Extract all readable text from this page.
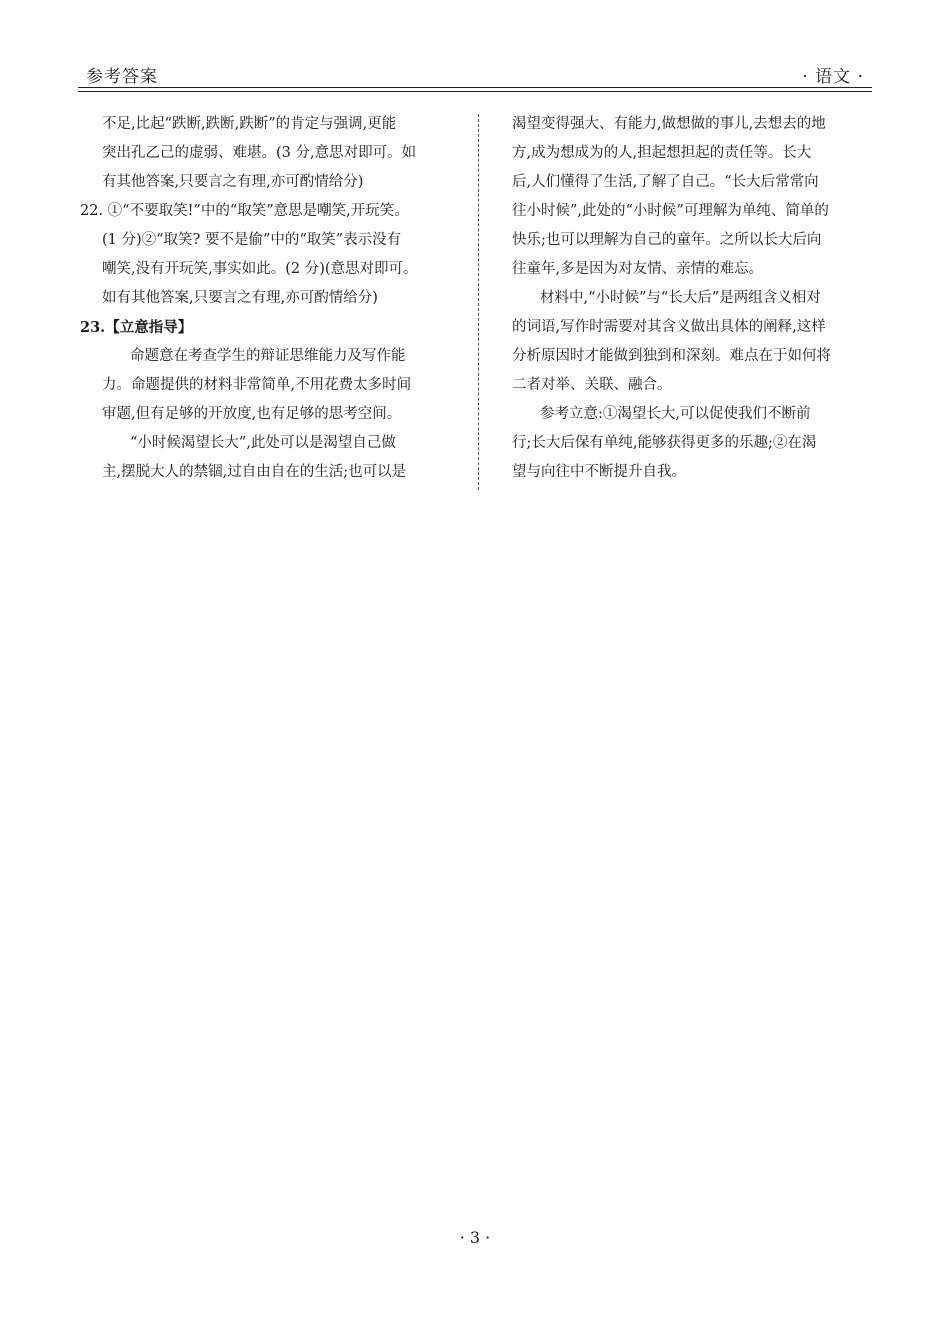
参考答案	· 语文 ·
不足,比起“跌断,跌断,跌断”的肯定与强调,更能
突出孔乙己的虚弱、难堪。(3 分,意思对即可。如
有其他答案,只要言之有理,亦可酌情给分)
22. ①“不要取笑!”中的“取笑”意思是嘲笑,开玩笑。
(1 分)②“取笑? 要不是偷”中的“取笑”表示没有
嘲笑,没有开玩笑,事实如此。(2 分)(意思对即可。
如有其他答案,只要言之有理,亦可酌情给分)
23.【立意指导】
命题意在考查学生的辩证思维能力及写作能
力。命题提供的材料非常简单,不用花费太多时间
审题,但有足够的开放度,也有足够的思考空间。
“小时候渴望长大”,此处可以是渴望自己做
主,摆脱大人的禁锢,过自由自在的生活;也可以是
渴望变得强大、有能力,做想做的事儿,去想去的地
方,成为想成为的人,担起想担起的责任等。长大
后,人们懂得了生活,了解了自己。“长大后常常向
往小时候”,此处的“小时候”可理解为单纯、简单的
快乐;也可以理解为自己的童年。之所以长大后向
往童年,多是因为对友情、亲情的难忘。
材料中,“小时候”与“长大后”是两组含义相对
的词语,写作时需要对其含义做出具体的阐释,这样
分析原因时才能做到独到和深刻。难点在于如何将
二者对举、关联、融合。
参考立意:①渴望长大,可以促使我们不断前
行;长大后保有单纯,能够获得更多的乐趣;②在渴
望与向往中不断提升自我。
· 3 ·
